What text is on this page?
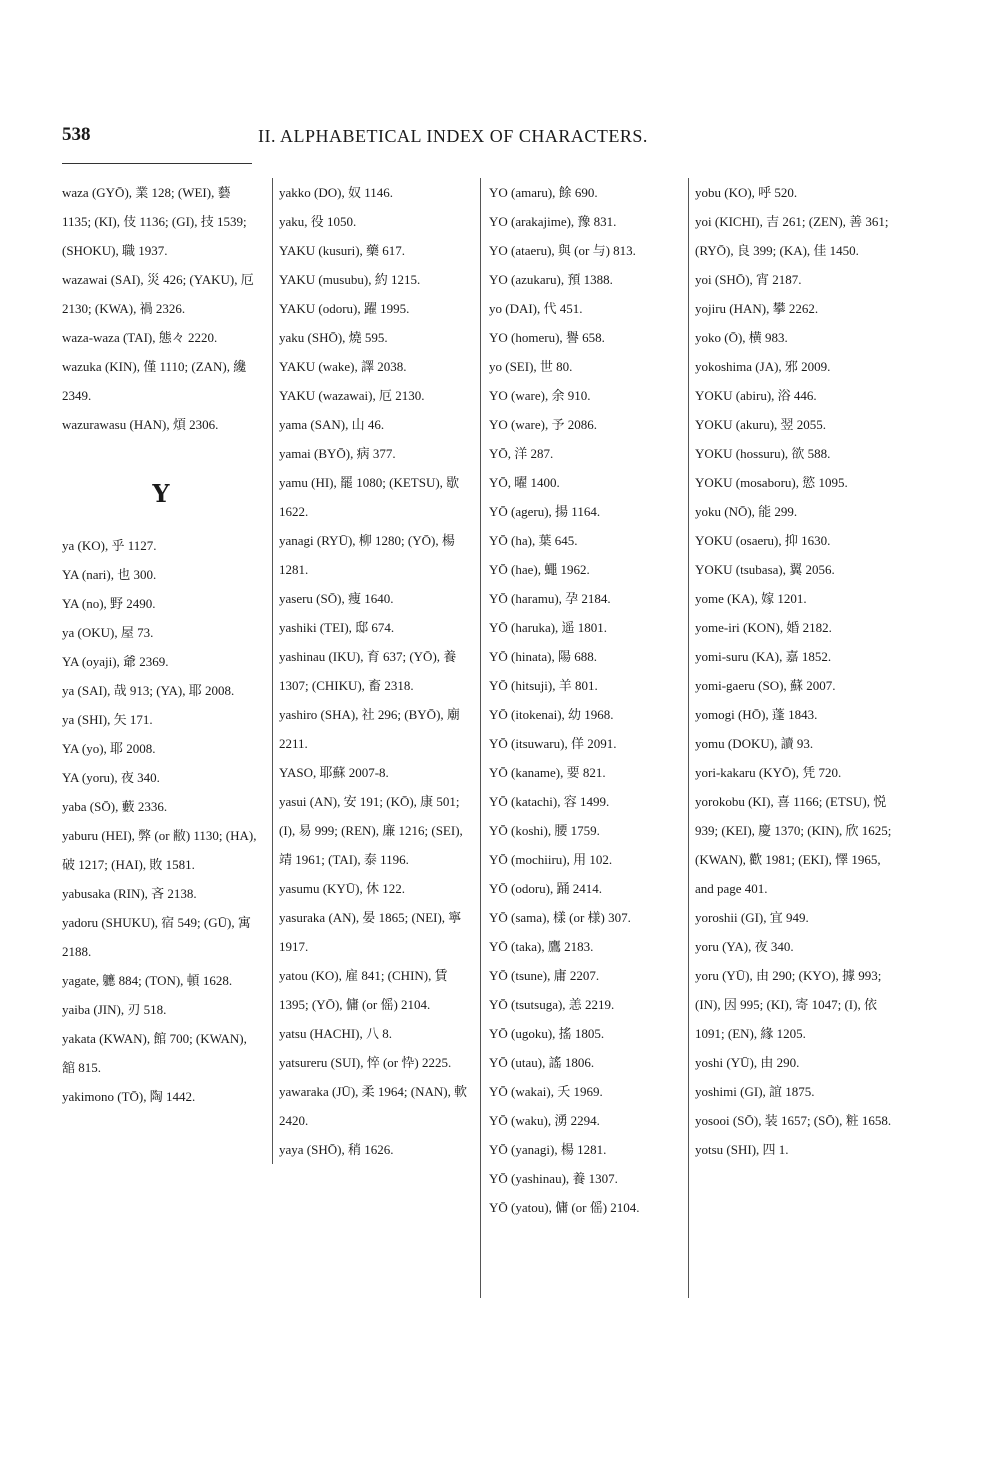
538	II. ALPHABETICAL INDEX OF CHARACTERS.
waza (GYŌ), 業 128; (WEI), 藝 1135; (KI), 伎 1136; (GI), 技 1539; (SHOKU), 職 1937.
wazawai (SAI), 災 426; (YAKU), 厄 2130; (KWA), 禍 2326.
waza-waza (TAI), 態々 2220.
wazuka (KIN), 僅 1110; (ZAN), 纔 2349.
wazurawasu (HAN), 煩 2306.
Y
ya (KO), 乎 1127.
YA (nari), 也 300.
YA (no), 野 2490.
ya (OKU), 屋 73.
YA (oyaji), 爺 2369.
ya (SAI), 哉 913; (YA), 耶 2008.
ya (SHI), 矢 171.
YA (yo), 耶 2008.
YA (yoru), 夜 340.
yaba (SŌ), 藪 2336.
yaburu (HEI), 弊 (or 敝) 1130; (HA), 破 1217; (HAI), 敗 1581.
yabusaka (RIN), 吝 2138.
yadoru (SHUKU), 宿 549; (GŪ), 寓 2188.
yagate, 軈 884; (TON), 頓 1628.
yaiba (JIN), 刃 518.
yakata (KWAN), 館 700; (KWAN), 舘 815.
yakimono (TŌ), 陶 1442.
yakko (DO), 奴 1146.
yaku, 役 1050.
YAKU (kusuri), 藥 617.
YAKU (musubu), 約 1215.
YAKU (odoru), 躍 1995.
yaku (SHŌ), 燒 595.
YAKU (wake), 譯 2038.
YAKU (wazawai), 厄 2130.
yama (SAN), 山 46.
yamai (BYŌ), 病 377.
yamu (HI), 罷 1080; (KETSU), 歇 1622.
yanagi (RYŪ), 柳 1280; (YŌ), 楊 1281.
yaseru (SŌ), 痩 1640.
yashiki (TEI), 邸 674.
yashinau (IKU), 育 637; (YŌ), 養 1307; (CHIKU), 畜 2318.
yashiro (SHA), 社 296; (BYŌ), 廟 2211.
YASO, 耶蘇 2007-8.
yasui (AN), 安 191; (KŌ), 康 501; (I), 易 999; (REN), 廉 1216; (SEI), 靖 1961; (TAI), 泰 1196.
yasumu (KYŪ), 休 122.
yasuraka (AN), 晏 1865; (NEI), 寧 1917.
yatou (KO), 雇 841; (CHIN), 賃 1395; (YŌ), 傭 (or 傜) 2104.
yatsu (HACHI), 八 8.
yatsureru (SUI), 悴 (or 忰) 2225.
yawaraka (JŪ), 柔 1964; (NAN), 軟 2420.
yaya (SHŌ), 稍 1626.
YO (amaru), 餘 690.
YO (arakajime), 豫 831.
YO (ataeru), 與 (or 与) 813.
YO (azukaru), 預 1388.
yo (DAI), 代 451.
YO (homeru), 譽 658.
yo (SEI), 世 80.
YO (ware), 余 910.
YO (ware), 予 2086.
YŌ, 洋 287.
YŌ, 曜 1400.
YŌ (ageru), 揚 1164.
YŌ (ha), 葉 645.
YŌ (hae), 蠅 1962.
YŌ (haramu), 孕 2184.
YŌ (haruka), 遥 1801.
YŌ (hinata), 陽 688.
YŌ (hitsuji), 羊 801.
YŌ (itokenai), 幼 1968.
YŌ (itsuwaru), 佯 2091.
YŌ (kaname), 要 821.
YŌ (katachi), 容 1499.
YŌ (koshi), 腰 1759.
YŌ (mochiiru), 用 102.
YŌ (odoru), 踊 2414.
YŌ (sama), 樣 (or 様) 307.
YŌ (taka), 鷹 2183.
YŌ (tsune), 庸 2207.
YŌ (tsutsuga), 恙 2219.
YŌ (ugoku), 搖 1805.
YŌ (utau), 謠 1806.
YŌ (wakai), 夭 1969.
YŌ (waku), 湧 2294.
YŌ (yanagi), 楊 1281.
YŌ (yashinau), 養 1307.
YŌ (yatou), 傭 (or 傜) 2104.
yobu (KO), 呼 520.
yoi (KICHI), 吉 261; (ZEN), 善 361; (RYŌ), 良 399; (KA), 佳 1450.
yoi (SHŌ), 宵 2187.
yojiru (HAN), 攀 2262.
yoko (Ō), 横 983.
yokoshima (JA), 邪 2009.
YOKU (abiru), 浴 446.
YOKU (akuru), 翌 2055.
YOKU (hossuru), 欲 588.
YOKU (mosaboru), 慾 1095.
yoku (NŌ), 能 299.
YOKU (osaeru), 抑 1630.
YOKU (tsubasa), 翼 2056.
yome (KA), 嫁 1201.
yome-iri (KON), 婚 2182.
yomi-suru (KA), 嘉 1852.
yomi-gaeru (SO), 蘇 2007.
yomogi (HŌ), 蓬 1843.
yomu (DOKU), 讀 93.
yori-kakaru (KYŌ), 凭 720.
yorokobu (KI), 喜 1166; (ETSU), 悦 939; (KEI), 慶 1370; (KIN), 欣 1625; (KWAN), 歡 1981; (EKI), 懌 1965, and page 401.
yoroshii (GI), 宜 949.
yoru (YA), 夜 340.
yoru (YŪ), 由 290; (KYO), 據 993; (IN), 因 995; (KI), 寄 1047; (I), 依 1091; (EN), 緣 1205.
yoshi (YŪ), 由 290.
yoshimi (GI), 誼 1875.
yosooi (SŌ), 装 1657; (SŌ), 粧 1658.
yotsu (SHI), 四 1.
